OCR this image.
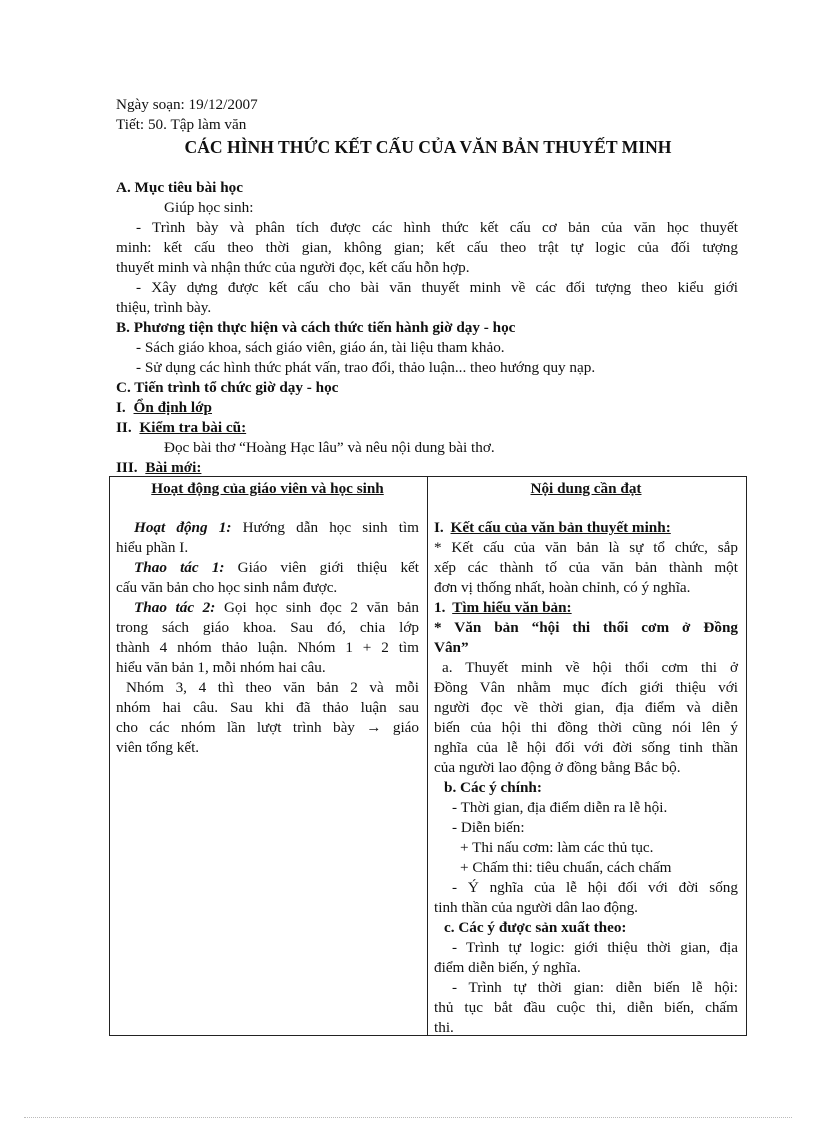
Ngày soạn: 19/12/2007
Tiết: 50. Tập làm văn
CÁC HÌNH THỨC KẾT CẤU CỦA VĂN BẢN THUYẾT MINH
A. Mục tiêu bài học
Giúp học sinh:
- Trình bày và phân tích được các hình thức kết cấu cơ bản của văn học thuyết
minh: kết cấu theo thời gian, không gian; kết cấu theo trật tự logic của đối tượng
thuyết minh và nhận thức của người đọc, kết cấu hỗn hợp.
- Xây dựng được kết cấu cho bài văn thuyết minh về các đối tượng theo kiểu giới
thiệu, trình bày.
B. Phương tiện thực hiện và cách thức tiến hành giờ dạy - học
- Sách giáo khoa, sách giáo viên, giáo án, tài liệu tham khảo.
- Sử dụng các hình thức phát vấn, trao đổi, thảo luận... theo hướng quy nạp.
C. Tiến trình tổ chức giờ dạy - học
I. Ổn định lớp
II. Kiểm tra bài cũ:
Đọc bài thơ “Hoàng Hạc lâu” và nêu nội dung bài thơ.
III. Bài mới:
Hoạt động của giáo viên và học sinh	Nội dung cần đạt
Hoạt động 1: Hướng dẫn học sinh tìm
hiểu phần I.
Thao tác 1: Giáo viên giới thiệu kết
cấu văn bản cho học sinh nắm được.
Thao tác 2: Gọi học sinh đọc 2 văn bản
trong sách giáo khoa. Sau đó, chia lớp
thành 4 nhóm thảo luận. Nhóm 1 + 2 tìm
hiểu văn bản 1, mỗi nhóm hai câu.
Nhóm 3, 4 thì theo văn bản 2 và mỗi
nhóm hai câu. Sau khi đã thảo luận sau
cho các nhóm lần lượt trình bày → giáo
viên tổng kết.
I. Kết cấu của văn bản thuyết minh:
* Kết cấu của văn bản là sự tổ chức, sắp
xếp các thành tố của văn bản thành một
đơn vị thống nhất, hoàn chỉnh, có ý nghĩa.
1. Tìm hiểu văn bản:
* Văn bản “hội thi thổi cơm ở Đồng
Vân”
a. Thuyết minh về hội thổi cơm thi ở
Đồng Vân nhằm mục đích giới thiệu với
người đọc về thời gian, địa điểm và diễn
biến của hội thi đồng thời cũng nói lên ý
nghĩa của lễ hội đối với đời sống tinh thần
của người lao động ở đồng bằng Bắc bộ.
b. Các ý chính:
- Thời gian, địa điểm diễn ra lễ hội.
- Diễn biến:
+ Thi nấu cơm: làm các thủ tục.
+ Chấm thi: tiêu chuẩn, cách chấm
- Ý nghĩa của lễ hội đối với đời sống
tinh thần của người dân lao động.
c. Các ý được sản xuất theo:
- Trình tự logic: giới thiệu thời gian, địa
điểm diễn biến, ý nghĩa.
- Trình tự thời gian: diễn biến lễ hội:
thủ tục bắt đầu cuộc thi, diễn biến, chấm
thi.
